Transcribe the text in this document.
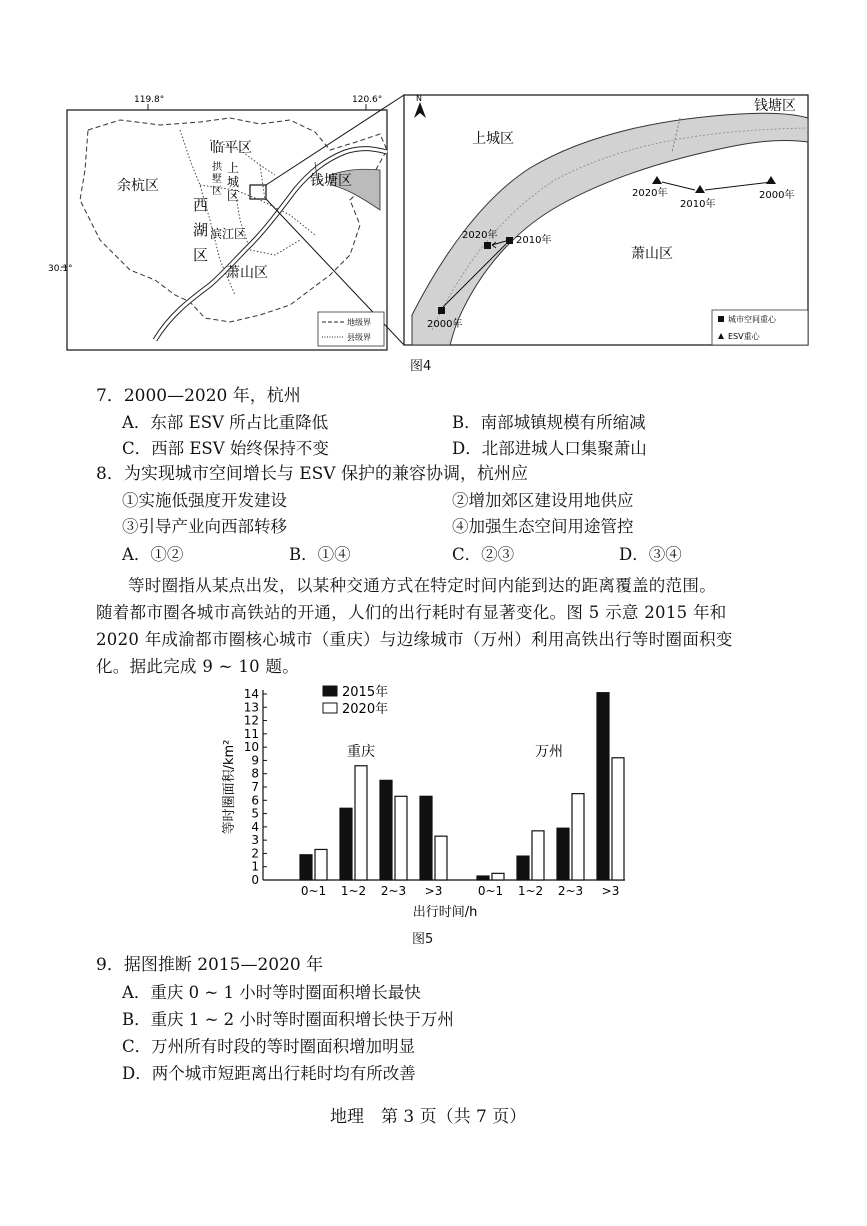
119.8°	120.6°
30.1°
临平区
余杭区
拱
墅
区
上
城
区
西
湖
区
滨江区
钱塘区
萧山区
地级界
县级界
N	钱塘区
上城区
萧山区
2000年
2010年
2020年
2020年
2010年
2000年
城市空间重心
ESV重心
图4
7．2000—2020 年，杭州
A．东部 ESV 所占比重降低	B．南部城镇规模有所缩减
C．西部 ESV 始终保持不变	D．北部进城人口集聚萧山
8．为实现城市空间增长与 ESV 保护的兼容协调，杭州应
①实施低强度开发建设	②增加郊区建设用地供应
③引导产业向西部转移	④加强生态空间用途管控
A．①②	B．①④	C．②③	D．③④
等时圈指从某点出发，以某种交通方式在特定时间内能到达的距离覆盖的范围。
随着都市圈各城市高铁站的开通，人们的出行耗时有显著变化。图 5 示意 2015 年和
2020 年成渝都市圈核心城市（重庆）与边缘城市（万州）利用高铁出行等时圈面积变
化。据此完成 9 ~ 10 题。
0
1
2
3
4
5
6
7
8
9
10
11
12
13
14
等时圈面积/km²
出行时间/h
0~1 1~2 2~3 >3	0~1 1~2 2~3 >3
重庆	万州
2015年
2020年
图5
9．据图推断 2015—2020 年
A．重庆 0 ~ 1 小时等时圈面积增长最快
B．重庆 1 ~ 2 小时等时圈面积增长快于万州
C．万州所有时段的等时圈面积增加明显
D．两个城市短距离出行耗时均有所改善
地理　第 3 页（共 7 页）
